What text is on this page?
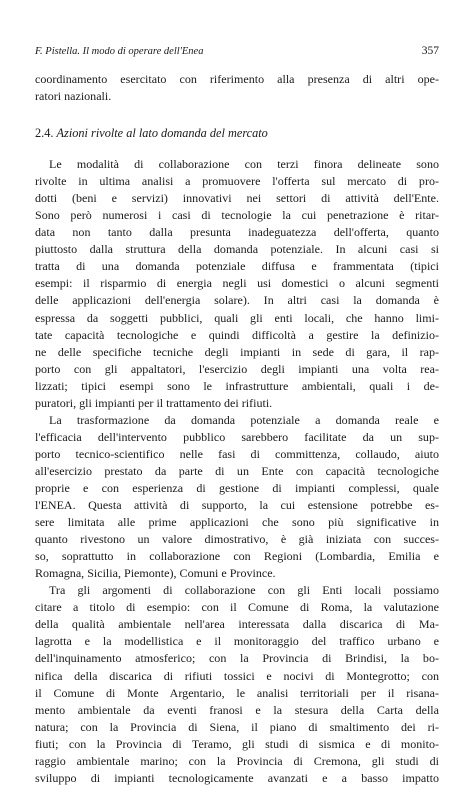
F. Pistella. Il modo di operare dell'Enea	357
coordinamento esercitato con riferimento alla presenza di altri ope-
ratori nazionali.
2.4. Azioni rivolte al lato domanda del mercato
Le modalità di collaborazione con terzi finora delineate sono
rivolte in ultima analisi a promuovere l'offerta sul mercato di pro-
dotti (beni e servizi) innovativi nei settori di attività dell'Ente.
Sono però numerosi i casi di tecnologie la cui penetrazione è ritar-
data non tanto dalla presunta inadeguatezza dell'offerta, quanto
piuttosto dalla struttura della domanda potenziale. In alcuni casi si
tratta di una domanda potenziale diffusa e frammentata (tipici
esempi: il risparmio di energia negli usi domestici o alcuni segmenti
delle applicazioni dell'energia solare). In altri casi la domanda è
espressa da soggetti pubblici, quali gli enti locali, che hanno limi-
tate capacità tecnologiche e quindi difficoltà a gestire la definizio-
ne delle specifiche tecniche degli impianti in sede di gara, il rap-
porto con gli appaltatori, l'esercizio degli impianti una volta rea-
lizzati; tipici esempi sono le infrastrutture ambientali, quali i de-
puratori, gli impianti per il trattamento dei rifiuti.
La trasformazione da domanda potenziale a domanda reale e
l'efficacia dell'intervento pubblico sarebbero facilitate da un sup-
porto tecnico-scientifico nelle fasi di committenza, collaudo, aiuto
all'esercizio prestato da parte di un Ente con capacità tecnologiche
proprie e con esperienza di gestione di impianti complessi, quale
l'ENEA. Questa attività di supporto, la cui estensione potrebbe es-
sere limitata alle prime applicazioni che sono più significative in
quanto rivestono un valore dimostrativo, è già iniziata con succes-
so, soprattutto in collaborazione con Regioni (Lombardia, Emilia e
Romagna, Sicilia, Piemonte), Comuni e Province.
Tra gli argomenti di collaborazione con gli Enti locali possiamo
citare a titolo di esempio: con il Comune di Roma, la valutazione
della qualità ambientale nell'area interessata dalla discarica di Ma-
lagrotta e la modellistica e il monitoraggio del traffico urbano e
dell'inquinamento atmosferico; con la Provincia di Brindisi, la bo-
nifica della discarica di rifiuti tossici e nocivi di Montegrotto; con
il Comune di Monte Argentario, le analisi territoriali per il risana-
mento ambientale da eventi franosi e la stesura della Carta della
natura; con la Provincia di Siena, il piano di smaltimento dei ri-
fiuti; con la Provincia di Teramo, gli studi di sismica e di monito-
raggio ambientale marino; con la Provincia di Cremona, gli studi di
sviluppo di impianti tecnologicamente avanzati e a basso impatto
